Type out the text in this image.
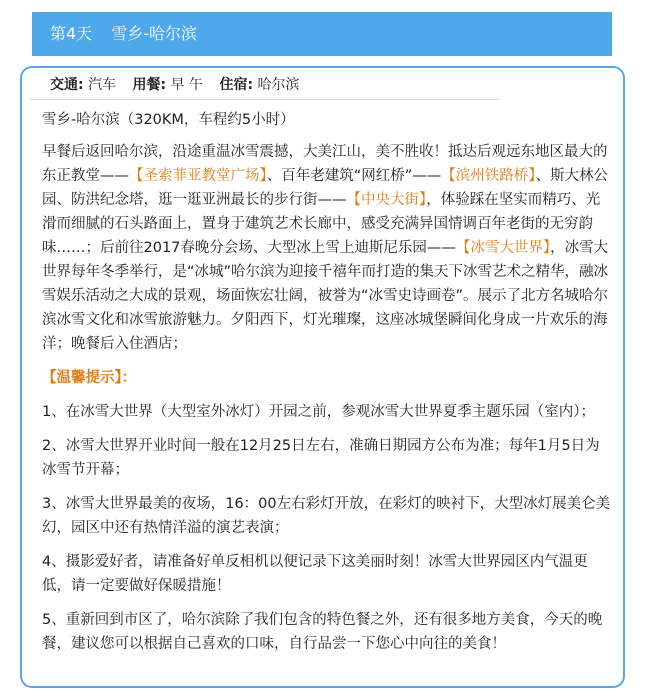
第4天 雪乡-哈尔滨
交通: 汽车 用餐: 早 午 住宿: 哈尔滨

雪乡-哈尔滨（320KM，车程约5小时）

早餐后返回哈尔滨，沿途重温冰雪震撼，大美江山，美不胜收！抵达后观远东地区最大的东正教堂——【圣索菲亚教堂广场】、百年老建筑“网红桥”——【滨州铁路桥】、斯大林公园、防洪纪念塔，逛一逛亚洲最长的步行街——【中央大街】，体验踩在坚实而精巧、光滑而细腻的石头路面上，置身于建筑艺术长廊中，感受充满异国情调百年老街的无穷韵味……；后前往2017春晚分会场、大型冰上雪上迪斯尼乐园——【冰雪大世界】，冰雪大世界每年冬季举行，是“冰城”哈尔滨为迎接千禧年而打造的集天下冰雪艺术之精华，融冰雪娱乐活动之大成的景观，场面恢宏壮阔，被誉为“冰雪史诗画卷”。展示了北方名城哈尔滨冰雪文化和冰雪旅游魅力。夕阳西下，灯光璀璨，这座冰城堡瞬间化身成一片欢乐的海洋；晚餐后入住酒店；

【温馨提示】：

1、在冰雪大世界（大型室外冰灯）开园之前，参观冰雪大世界夏季主题乐园（室内）；

2、冰雪大世界开业时间一般在12月25日左右，准确日期园方公布为准；每年1月5日为冰雪节开幕；

3、冰雪大世界最美的夜场，16：00左右彩灯开放，在彩灯的映衬下，大型冰灯展美仑美幻，园区中还有热情洋溢的演艺表演；

4、摄影爱好者，请准备好单反相机以便记录下这美丽时刻！冰雪大世界园区内气温更低，请一定要做好保暖措施！

5、重新回到市区了，哈尔滨除了我们包含的特色餐之外，还有很多地方美食，今天的晚餐，建议您可以根据自己喜欢的口味，自行品尝一下您心中向往的美食！
